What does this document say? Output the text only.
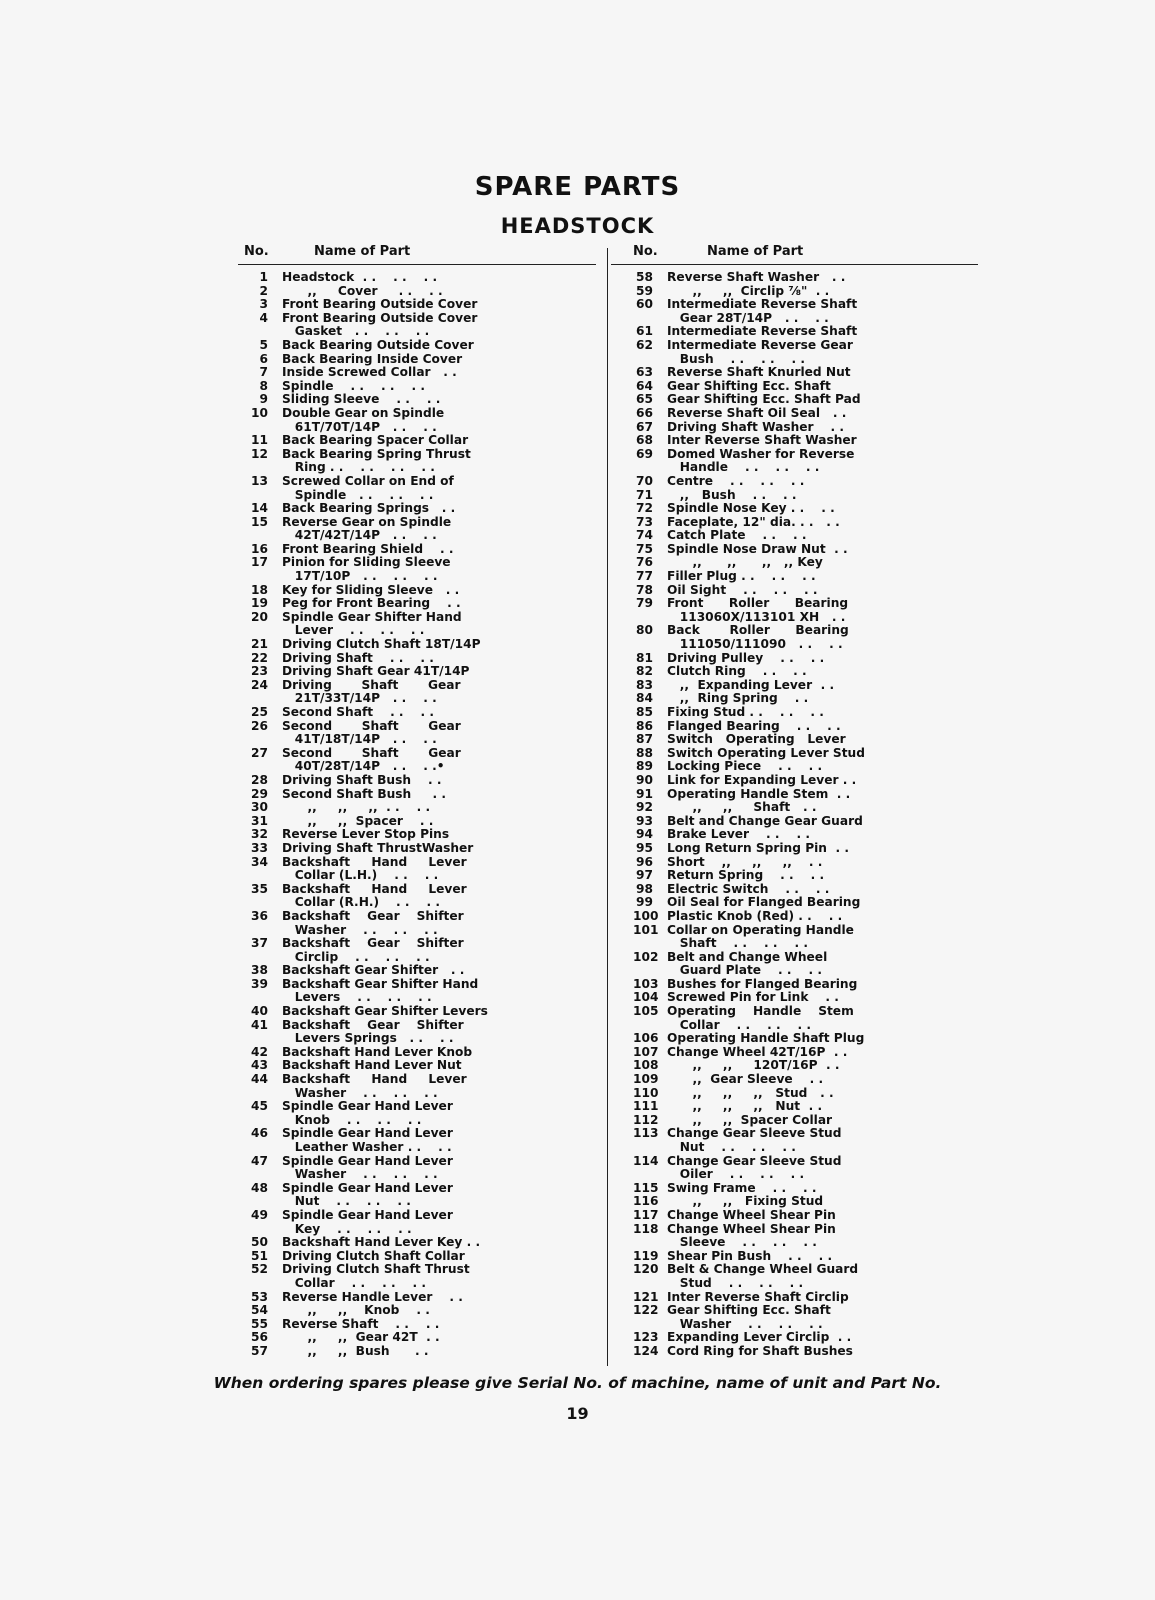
SPARE PARTS
HEADSTOCK
No.	Name of Part
1 Headstock  . .    . .    . .
2 ,,     Cover     . .    . .
3 Front Bearing Outside Cover
4 Front Bearing Outside Cover
Gasket   . .    . .    . .
5 Back Bearing Outside Cover
6 Back Bearing Inside Cover
7 Inside Screwed Collar   . .
8 Spindle    . .    . .    . .
9 Sliding Sleeve    . .    . .
10 Double Gear on Spindle
61T/70T/14P   . .    . .
11 Back Bearing Spacer Collar
12 Back Bearing Spring Thrust
Ring . .    . .    . .    . .
13 Screwed Collar on End of
Spindle   . .    . .    . .
14 Back Bearing Springs   . .
15 Reverse Gear on Spindle
42T/42T/14P   . .    . .
16 Front Bearing Shield    . .
17 Pinion for Sliding Sleeve
17T/10P   . .    . .    . .
18 Key for Sliding Sleeve   . .
19 Peg for Front Bearing    . .
20 Spindle Gear Shifter Hand
Lever    . .    . .    . .
21 Driving Clutch Shaft 18T/14P
22 Driving Shaft    . .    . .
23 Driving Shaft Gear 41T/14P
24 Driving       Shaft       Gear
21T/33T/14P   . .    . .
25 Second Shaft    . .    . .
26 Second       Shaft       Gear
41T/18T/14P   . .    . .
27 Second       Shaft       Gear
40T/28T/14P   . .    . .•
28 Driving Shaft Bush    . .
29 Second Shaft Bush     . .
30 ,,     ,,     ,,  . .    . .
31 ,,     ,,  Spacer    . .
32 Reverse Lever Stop Pins
33 Driving Shaft ThrustWasher
34 Backshaft     Hand     Lever
Collar (L.H.)    . .    . .
35 Backshaft     Hand     Lever
Collar (R.H.)    . .    . .
36 Backshaft    Gear    Shifter
Washer    . .    . .    . .
37 Backshaft    Gear    Shifter
Circlip    . .    . .    . .
38 Backshaft Gear Shifter   . .
39 Backshaft Gear Shifter Hand
Levers    . .    . .    . .
40 Backshaft Gear Shifter Levers
41 Backshaft    Gear    Shifter
Levers Springs   . .    . .
42 Backshaft Hand Lever Knob
43 Backshaft Hand Lever Nut
44 Backshaft     Hand     Lever
Washer    . .    . .    . .
45 Spindle Gear Hand Lever
Knob    . .    . .    . .
46 Spindle Gear Hand Lever
Leather Washer . .    . .
47 Spindle Gear Hand Lever
Washer    . .    . .    . .
48 Spindle Gear Hand Lever
Nut    . .    . .    . .
49 Spindle Gear Hand Lever
Key    . .    . .    . .
50 Backshaft Hand Lever Key . .
51 Driving Clutch Shaft Collar
52 Driving Clutch Shaft Thrust
Collar    . .    . .    . .
53 Reverse Handle Lever    . .
54 ,,     ,,    Knob    . .
55 Reverse Shaft    . .    . .
56 ,,     ,,  Gear 42T  . .
57 ,,     ,,  Bush      . .
No.	Name of Part
58 Reverse Shaft Washer   . .
59 ,,     ,,  Circlip ⅞"  . .
60 Intermediate Reverse Shaft
Gear 28T/14P   . .    . .
61 Intermediate Reverse Shaft
62 Intermediate Reverse Gear
Bush    . .    . .    . .
63 Reverse Shaft Knurled Nut
64 Gear Shifting Ecc. Shaft
65 Gear Shifting Ecc. Shaft Pad
66 Reverse Shaft Oil Seal   . .
67 Driving Shaft Washer    . .
68 Inter Reverse Shaft Washer
69 Domed Washer for Reverse
Handle    . .    . .    . .
70 Centre    . .    . .    . .
71 ,,   Bush    . .    . .
72 Spindle Nose Key . .    . .
73 Faceplate, 12" dia. . .   . .
74 Catch Plate    . .    . .
75 Spindle Nose Draw Nut  . .
76 ,,      ,,      ,,   ,, Key
77 Filler Plug . .    . .    . .
78 Oil Sight    . .    . .    . .
79 Front      Roller      Bearing
113060X/113101 XH   . .
80 Back       Roller      Bearing
111050/111090   . .    . .
81 Driving Pulley    . .    . .
82 Clutch Ring    . .    . .
83 ,,  Expanding Lever  . .
84 ,,  Ring Spring    . .
85 Fixing Stud . .    . .    . .
86 Flanged Bearing    . .    . .
87 Switch   Operating   Lever
88 Switch Operating Lever Stud
89 Locking Piece    . .    . .
90 Link for Expanding Lever . .
91 Operating Handle Stem  . .
92 ,,     ,,     Shaft   . .
93 Belt and Change Gear Guard
94 Brake Lever    . .    . .
95 Long Return Spring Pin  . .
96 Short    ,,     ,,     ,,    . .
97 Return Spring    . .    . .
98 Electric Switch    . .    . .
99 Oil Seal for Flanged Bearing
100 Plastic Knob (Red) . .    . .
101 Collar on Operating Handle
Shaft    . .    . .    . .
102 Belt and Change Wheel
Guard Plate    . .    . .
103 Bushes for Flanged Bearing
104 Screwed Pin for Link    . .
105 Operating    Handle    Stem
Collar    . .    . .    . .
106 Operating Handle Shaft Plug
107 Change Wheel 42T/16P  . .
108 ,,     ,,     120T/16P  . .
109 ,,  Gear Sleeve    . .
110 ,,     ,,     ,,   Stud   . .
111 ,,     ,,     ,,   Nut  . .
112 ,,     ,,  Spacer Collar
113 Change Gear Sleeve Stud
Nut    . .    . .    . .
114 Change Gear Sleeve Stud
Oiler    . .    . .    . .
115 Swing Frame    . .    . .
116 ,,     ,,   Fixing Stud
117 Change Wheel Shear Pin
118 Change Wheel Shear Pin
Sleeve    . .    . .    . .
119 Shear Pin Bush    . .    . .
120 Belt & Change Wheel Guard
Stud    . .    . .    . .
121 Inter Reverse Shaft Circlip
122 Gear Shifting Ecc. Shaft
Washer    . .    . .    . .
123 Expanding Lever Circlip  . .
124 Cord Ring for Shaft Bushes
When ordering spares please give Serial No. of machine, name of unit and Part No.
19
